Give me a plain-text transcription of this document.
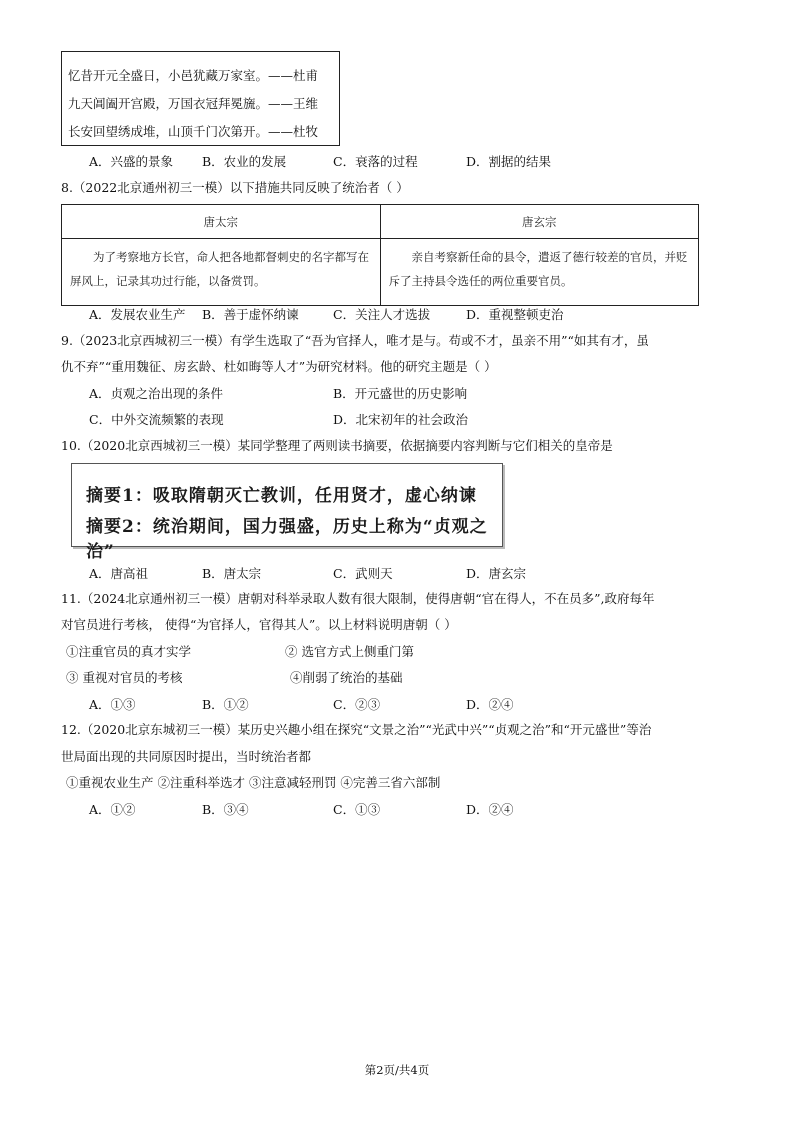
忆昔开元全盛日，小邑犹藏万家室。——杜甫
九天阊阖开宫殿，万国衣冠拜冕旒。——王维
长安回望绣成堆，山顶千门次第开。——杜牧
A．兴盛的景象 B．农业的发展	C．衰落的过程	D．割据的结果
8.（2022北京通州初三一模）以下措施共同反映了统治者（ ）
唐太宗	唐玄宗
为了考察地方长官，命人把各地都督刺史的名字都写在屏风上，记录其功过行能，以备赏罚。	亲自考察新任命的县令，遣返了德行较差的官员，并贬斥了主持县令选任的两位重要官员。
A．发展农业生产 B．善于虚怀纳谏	C．关注人才选拔	D．重视整顿吏治
9.（2023北京西城初三一模）有学生选取了“吾为官择人，唯才是与。苟或不才，虽亲不用”“如其有才，虽
仇不弃”“重用魏征、房玄龄、杜如晦等人才”为研究材料。他的研究主题是（ ）
A．贞观之治出现的条件	B．开元盛世的历史影响
C．中外交流频繁的表现	D．北宋初年的社会政治
10.（2020北京西城初三一模）某同学整理了两则读书摘要，依据摘要内容判断与它们相关的皇帝是
摘要1：吸取隋朝灭亡教训，任用贤才，虚心纳谏
摘要2：统治期间，国力强盛，历史上称为“贞观之治”
A．唐高祖	B．唐太宗	C．武则天	D．唐玄宗
11.（2024北京通州初三一模）唐朝对科举录取人数有很大限制，使得唐朝“官在得人，不在员多”,政府每年
对官员进行考核， 使得“为官择人，官得其人”。以上材料说明唐朝（ ）
①注重官员的真才实学	② 选官方式上侧重门第
③ 重视对官员的考核	④削弱了统治的基础
A．①③	B．①②	C．②③	D．②④
12.（2020北京东城初三一模）某历史兴趣小组在探究“文景之治”“光武中兴”“贞观之治”和“开元盛世”等治
世局面出现的共同原因时提出，当时统治者都
①重视农业生产 ②注重科举选才 ③注意减轻刑罚 ④完善三省六部制
A．①②	B．③④	C．①③	D．②④
第2页/共4页
